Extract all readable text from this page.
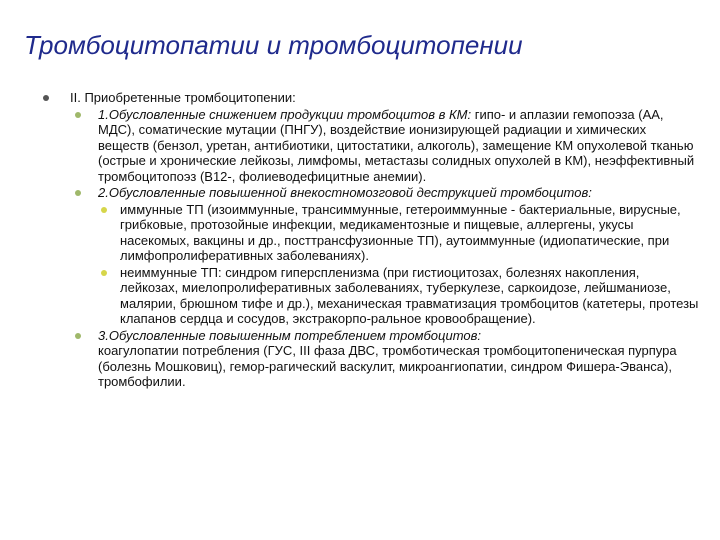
Тромбоцитопатии и тромбоцитопении
II. Приобретенные тромбоцитопении:
1.Обусловленные снижением продукции тромбоцитов в КМ: гипо- и аплазии гемопоэза (АА, МДС), соматические мутации (ПНГУ), воздействие ионизирующей радиации и химических веществ (бензол, уретан, антибиотики, цитостатики, алкоголь), замещение КМ опухолевой тканью (острые и хронические лейкозы, лимфомы, метастазы солидных опухолей в КМ), неэффективный тромбоцитопоэз (В12-, фолиеводефицитные анемии).
2.Обусловленные повышенной внекостномозговой деструкцией тромбоцитов:
иммунные ТП (изоиммунные, трансиммунные, гетероиммунные - бактериальные, вирусные, грибковые, протозойные инфекции, медикаментозные и пищевые, аллергены, укусы насекомых, вакцины и др., посттрансфузионные ТП), аутоиммунные (идиопатические, при лимфопролиферативных заболеваниях).
неиммунные ТП: синдром гиперспленизма (при гистиоцитозах, болезнях накопления, лейкозах, миелопролиферативных заболеваниях, туберкулезе, саркоидозе, лейшманиозе, малярии, брюшном тифе и др.), механическая травматизация тромбоцитов (катетеры, протезы клапанов сердца и сосудов, экстракорпо-ральное кровообращение).
3.Обусловленные повышенным потреблением тромбоцитов:
коагулопатии потребления (ГУС, III фаза ДВС, тромботическая тромбоцитопеническая пурпура (болезнь Мошковиц), гемор-рагический васкулит, микроангиопатии, синдром Фишера-Эванса), тромбофилии.
